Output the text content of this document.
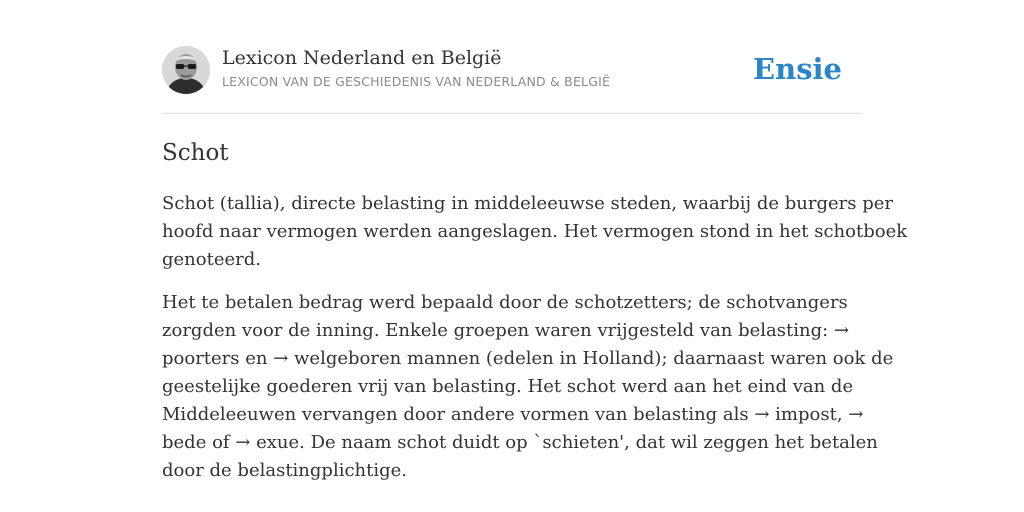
Lexicon Nederland en België
LEXICON VAN DE GESCHIEDENIS VAN NEDERLAND & BELGIË	Ensie
Schot

Schot (tallia), directe belasting in middeleeuwse steden, waarbij de burgers per
hoofd naar vermogen werden aangeslagen. Het vermogen stond in het schotboek
genoteerd.

Het te betalen bedrag werd bepaald door de schotzetters; de schotvangers
zorgden voor de inning. Enkele groepen waren vrijgesteld van belasting: →
poorters en → welgeboren mannen (edelen in Holland); daarnaast waren ook de
geestelijke goederen vrij van belasting. Het schot werd aan het eind van de
Middeleeuwen vervangen door andere vormen van belasting als → impost, →
bede of → exue. De naam schot duidt op `schieten', dat wil zeggen het betalen
door de belastingplichtige.
